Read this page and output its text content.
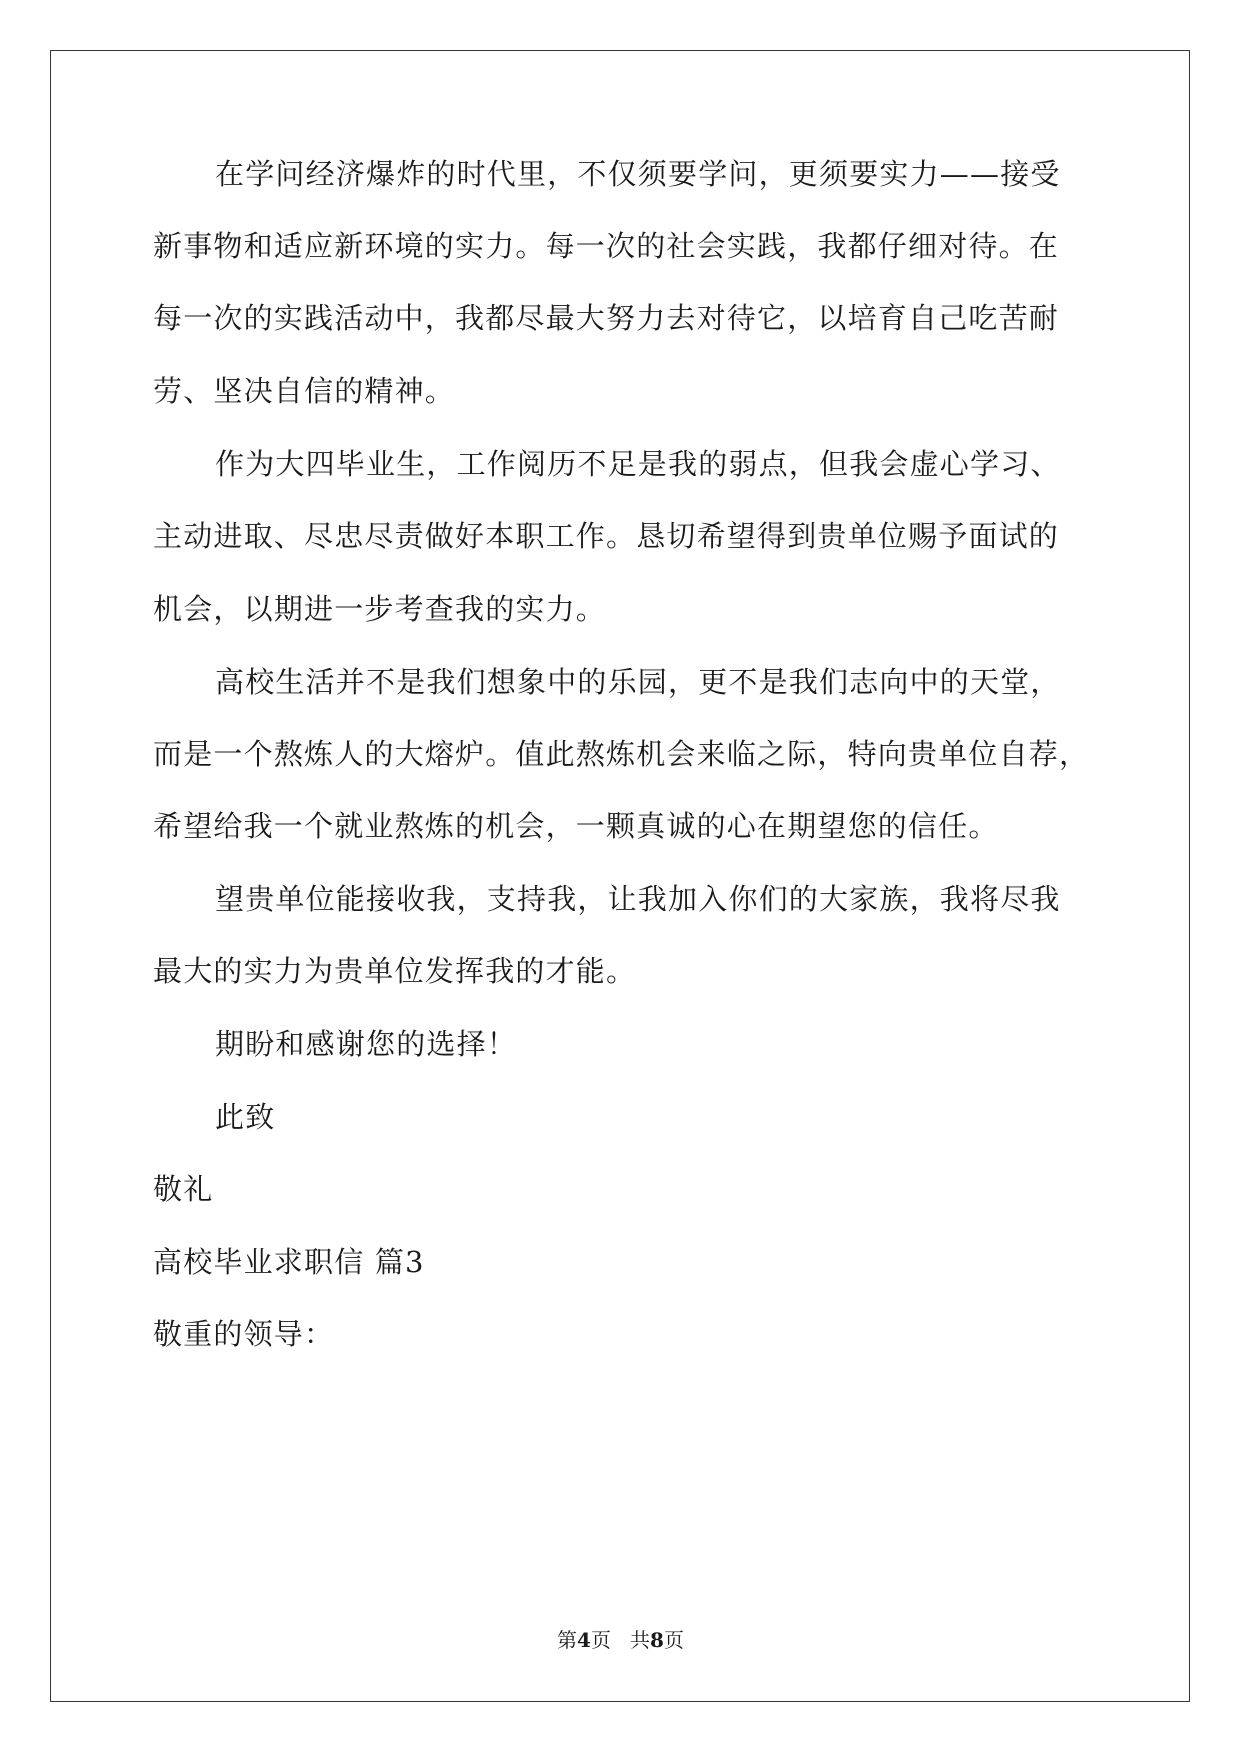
在学问经济爆炸的时代里，不仅须要学问，更须要实力——接受
新事物和适应新环境的实力。每一次的社会实践，我都仔细对待。在
每一次的实践活动中，我都尽最大努力去对待它，以培育自己吃苦耐
劳、坚决自信的精神。
作为大四毕业生，工作阅历不足是我的弱点，但我会虚心学习、
主动进取、尽忠尽责做好本职工作。恳切希望得到贵单位赐予面试的
机会，以期进一步考查我的实力。
高校生活并不是我们想象中的乐园，更不是我们志向中的天堂，
而是一个熬炼人的大熔炉。值此熬炼机会来临之际，特向贵单位自荐，
希望给我一个就业熬炼的机会，一颗真诚的心在期望您的信任。
望贵单位能接收我，支持我，让我加入你们的大家族，我将尽我
最大的实力为贵单位发挥我的才能。
期盼和感谢您的选择！
此致
敬礼
高校毕业求职信 篇3
敬重的领导：
第4页   共8页
